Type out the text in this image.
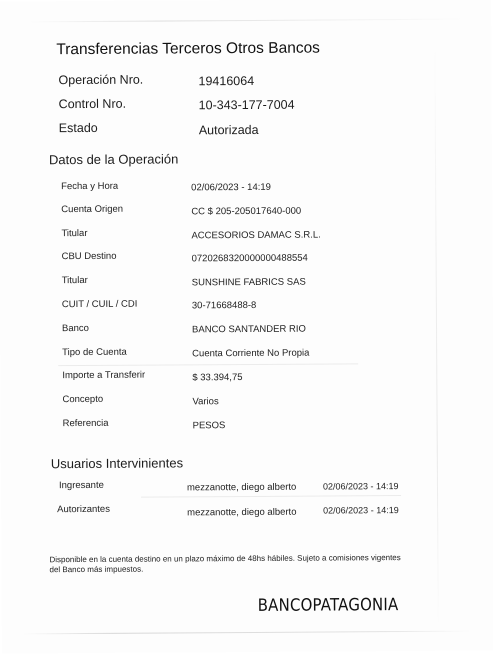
Transferencias Terceros Otros Bancos
Operación Nro.	19416064
Control Nro.	10-343-177-7004
Estado	Autorizada
Datos de la Operación
Fecha y Hora	02/06/2023 - 14:19
Cuenta Origen	CC $ 205-205017640-000
Titular	ACCESORIOS DAMAC S.R.L.
CBU Destino	0720268320000000488554
Titular	SUNSHINE FABRICS SAS
CUIT / CUIL / CDI	30-71668488-8
Banco	BANCO SANTANDER RIO
Tipo de Cuenta	Cuenta Corriente No Propia
Importe a Transferir	$ 33.394,75
Concepto	Varios
Referencia	PESOS
Usuarios Intervinientes
Ingresante	mezzanotte, diego alberto	02/06/2023 - 14:19
Autorizantes	mezzanotte, diego alberto	02/06/2023 - 14:19
Disponible en la cuenta destino en un plazo máximo de 48hs hábiles. Sujeto a comisiones vigentes del Banco más impuestos.
BANCOPATAGONIA
